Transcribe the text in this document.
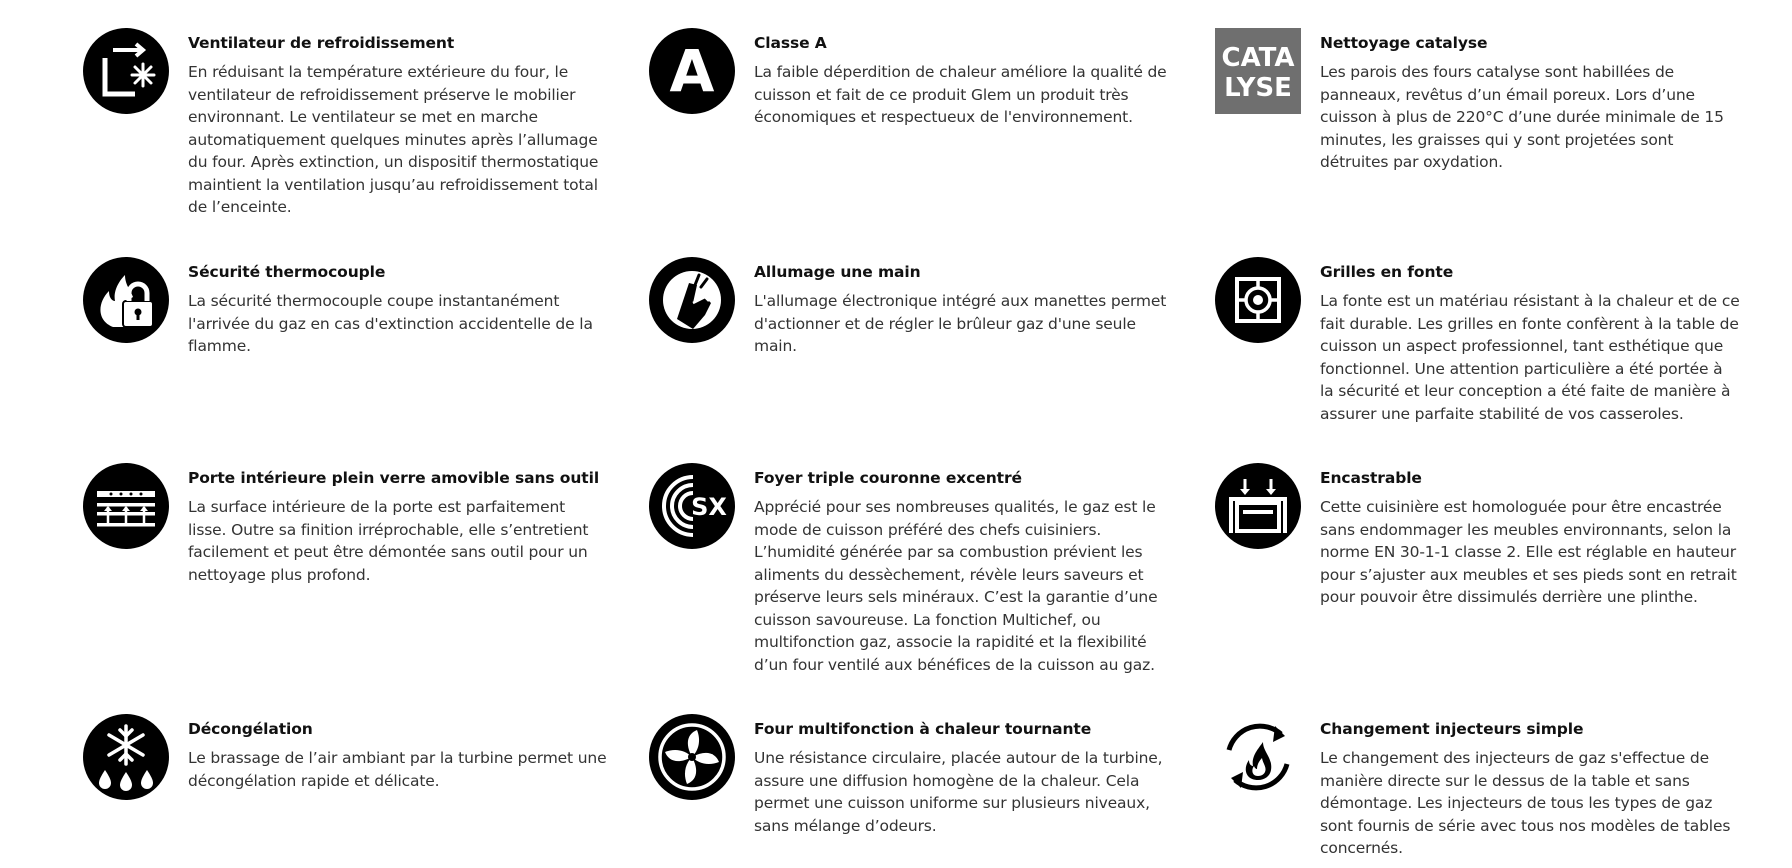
Ventilateur de refroidissement
En réduisant la température extérieure du four, le ventilateur de refroidissement préserve le mobilier environnant. Le ventilateur se met en marche automatiquement quelques minutes après l’allumage du four. Après extinction, un dispositif thermostatique maintient la ventilation jusqu’au refroidissement total de l’enceinte.
A	Classe A
La faible déperdition de chaleur améliore la qualité de cuisson et fait de ce produit Glem un produit très économiques et respectueux de l'environnement.
CATA
LYSE
Nettoyage catalyse
Les parois des fours catalyse sont habillées de panneaux, revêtus d’un émail poreux. Lors d’une cuisson à plus de 220°C d’une durée minimale de 15 minutes, les graisses qui y sont projetées sont détruites par oxydation.
Sécurité thermocouple
La sécurité thermocouple coupe instantanément l'arrivée du gaz en cas d'extinction accidentelle de la flamme.
Allumage une main
L'allumage électronique intégré aux manettes permet d'actionner et de régler le brûleur gaz d'une seule main.
Grilles en fonte
La fonte est un matériau résistant à la chaleur et de ce fait durable. Les grilles en fonte confèrent à la table de cuisson un aspect professionnel, tant esthétique que fonctionnel. Une attention particulière a été portée à la sécurité et leur conception a été faite de manière à assurer une parfaite stabilité de vos casseroles.
Porte intérieure plein verre amovible sans outil
La surface intérieure de la porte est parfaitement lisse. Outre sa finition irréprochable, elle s’entretient facilement et peut être démontée sans outil pour un nettoyage plus profond.
SX
Foyer triple couronne excentré
Apprécié pour ses nombreuses qualités, le gaz est le mode de cuisson préféré des chefs cuisiniers. L’humidité générée par sa combustion prévient les aliments du dessèchement, révèle leurs saveurs et préserve leurs sels minéraux. C’est la garantie d’une cuisson savoureuse. La fonction Multichef, ou multifonction gaz, associe la rapidité et la flexibilité d’un four ventilé aux bénéfices de la cuisson au gaz.
Encastrable
Cette cuisinière est homologuée pour être encastrée sans endommager les meubles environnants, selon la norme EN 30-1-1 classe 2. Elle est réglable en hauteur pour s’ajuster aux meubles et ses pieds sont en retrait pour pouvoir être dissimulés derrière une plinthe.
Décongélation
Le brassage de l’air ambiant par la turbine permet une décongélation rapide et délicate.
Four multifonction à chaleur tournante
Une résistance circulaire, placée autour de la turbine, assure une diffusion homogène de la chaleur. Cela permet une cuisson uniforme sur plusieurs niveaux, sans mélange d’odeurs.
Changement injecteurs simple
Le changement des injecteurs de gaz s'effectue de manière directe sur le dessus de la table et sans démontage. Les injecteurs de tous les types de gaz sont fournis de série avec tous nos modèles de tables concernés.
